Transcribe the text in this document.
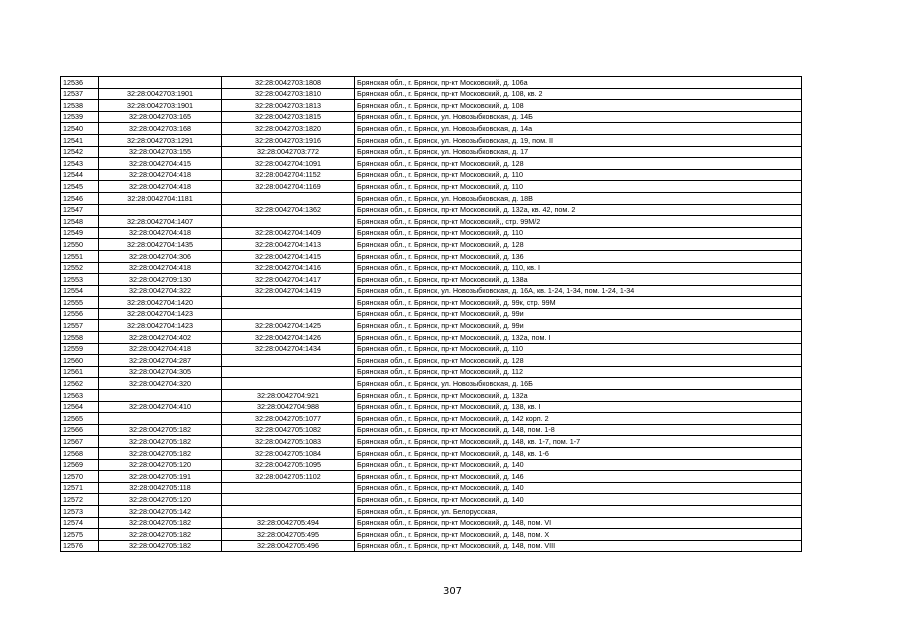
12536		32:28:0042703:1808	Брянская обл., г. Брянск, пр-кт Московский, д. 106а
12537	32:28:0042703:1901	32:28:0042703:1810	Брянская обл., г. Брянск, пр-кт Московский, д. 108, кв. 2
12538	32:28:0042703:1901	32:28:0042703:1813	Брянская обл., г. Брянск, пр-кт Московский, д. 108
12539	32:28:0042703:165	32:28:0042703:1815	Брянская обл., г. Брянск, ул. Новозыбковская, д. 14Б
12540	32:28:0042703:168	32:28:0042703:1820	Брянская обл., г. Брянск, ул. Новозыбковская, д. 14а
12541	32:28:0042703:1291	32:28:0042703:1916	Брянская обл., г. Брянск, ул. Новозыбковская, д. 19, пом. II
12542	32:28:0042703:155	32:28:0042703:772	Брянская обл., г. Брянск, ул. Новозыбковская, д. 17
12543	32:28:0042704:415	32:28:0042704:1091	Брянская обл., г. Брянск, пр-кт Московский, д. 128
12544	32:28:0042704:418	32:28:0042704:1152	Брянская обл., г. Брянск, пр-кт Московский, д. 110
12545	32:28:0042704:418	32:28:0042704:1169	Брянская обл., г. Брянск, пр-кт Московский, д. 110
12546	32:28:0042704:1181		Брянская обл., г. Брянск, ул. Новозыбковская, д. 18В
12547		32:28:0042704:1362	Брянская обл., г. Брянск, пр-кт Московский, д. 132а, кв. 42, пом. 2
12548	32:28:0042704:1407		Брянская обл., г. Брянск, пр-кт Московский,, стр. 99М/2
12549	32:28:0042704:418	32:28:0042704:1409	Брянская обл., г. Брянск, пр-кт Московский, д. 110
12550	32:28:0042704:1435	32:28:0042704:1413	Брянская обл., г. Брянск, пр-кт Московский, д. 128
12551	32:28:0042704:306	32:28:0042704:1415	Брянская обл., г. Брянск, пр-кт Московский, д. 136
12552	32:28:0042704:418	32:28:0042704:1416	Брянская обл., г. Брянск, пр-кт Московский, д. 110, кв. I
12553	32:28:0042709:130	32:28:0042704:1417	Брянская обл., г. Брянск, пр-кт Московский, д. 138а
12554	32:28:0042704:322	32:28:0042704:1419	Брянская обл., г. Брянск, ул. Новозыбковская, д. 16А, кв. 1-24, 1-34, пом. 1-24, 1-34
12555	32:28:0042704:1420		Брянская обл., г. Брянск, пр-кт Московский, д. 99к, стр. 99М
12556	32:28:0042704:1423		Брянская обл., г. Брянск, пр-кт Московский, д. 99и
12557	32:28:0042704:1423	32:28:0042704:1425	Брянская обл., г. Брянск, пр-кт Московский, д. 99и
12558	32:28:0042704:402	32:28:0042704:1426	Брянская обл., г. Брянск, пр-кт Московский, д. 132а, пом. I
12559	32:28:0042704:418	32:28:0042704:1434	Брянская обл., г. Брянск, пр-кт Московский, д. 110
12560	32:28:0042704:287		Брянская обл., г. Брянск, пр-кт Московский, д. 128
12561	32:28:0042704:305		Брянская обл., г. Брянск, пр-кт Московский, д. 112
12562	32:28:0042704:320		Брянская обл., г. Брянск, ул. Новозыбковская, д. 16Б
12563		32:28:0042704:921	Брянская обл., г. Брянск, пр-кт Московский, д. 132а
12564	32:28:0042704:410	32:28:0042704:988	Брянская обл., г. Брянск, пр-кт Московский, д. 138, кв. I
12565		32:28:0042705:1077	Брянская обл., г. Брянск, пр-кт Московский, д. 142 корп. 2
12566	32:28:0042705:182	32:28:0042705:1082	Брянская обл., г. Брянск, пр-кт Московский, д. 148, пом. 1-8
12567	32:28:0042705:182	32:28:0042705:1083	Брянская обл., г. Брянск, пр-кт Московский, д. 148, кв. 1-7, пом. 1-7
12568	32:28:0042705:182	32:28:0042705:1084	Брянская обл., г. Брянск, пр-кт Московский, д. 148, кв. 1-6
12569	32:28:0042705:120	32:28:0042705:1095	Брянская обл., г. Брянск, пр-кт Московский, д. 140
12570	32:28:0042705:191	32:28:0042705:1102	Брянская обл., г. Брянск, пр-кт Московский, д. 146
12571	32:28:0042705:118		Брянская обл., г. Брянск, пр-кт Московский, д. 140
12572	32:28:0042705:120		Брянская обл., г. Брянск, пр-кт Московский, д. 140
12573	32:28:0042705:142		Брянская обл., г. Брянск, ул. Белорусская,
12574	32:28:0042705:182	32:28:0042705:494	Брянская обл., г. Брянск, пр-кт Московский, д. 148, пом. VI
12575	32:28:0042705:182	32:28:0042705:495	Брянская обл., г. Брянск, пр-кт Московский, д. 148, пом. X
12576	32:28:0042705:182	32:28:0042705:496	Брянская обл., г. Брянск, пр-кт Московский, д. 148, пом. VIII
307
